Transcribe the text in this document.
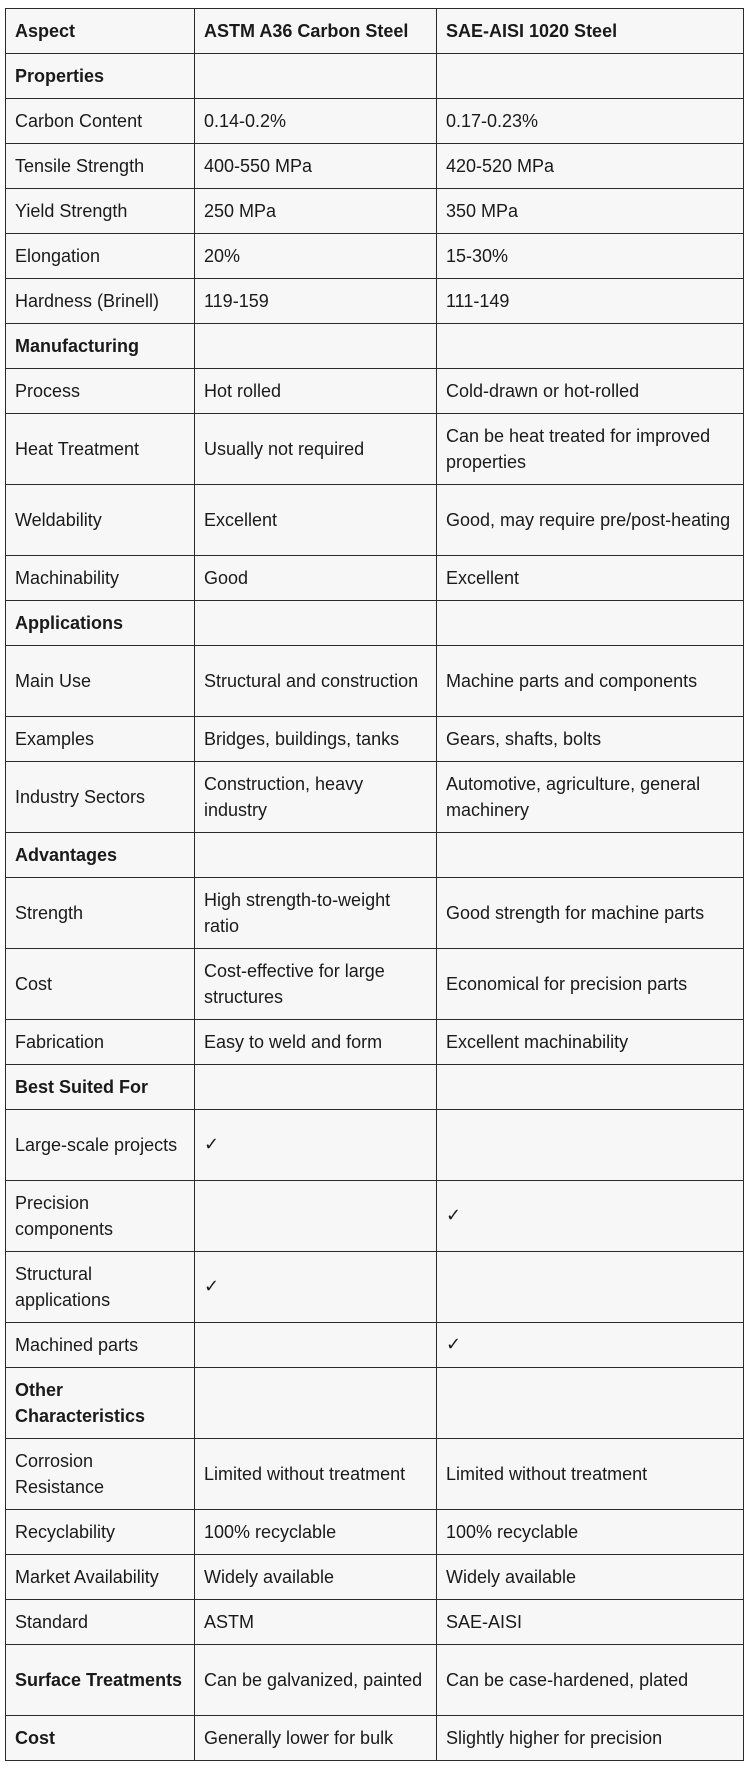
Aspect	ASTM A36 Carbon Steel	SAE-AISI 1020 Steel
Properties		
Carbon Content	0.14-0.2%	0.17-0.23%
Tensile Strength	400-550 MPa	420-520 MPa
Yield Strength	250 MPa	350 MPa
Elongation	20%	15-30%
Hardness (Brinell)	119-159	111-149
Manufacturing		
Process	Hot rolled	Cold-drawn or hot-rolled
Heat Treatment	Usually not required	Can be heat treated for improved properties
Weldability	Excellent	Good, may require pre/post-heating
Machinability	Good	Excellent
Applications		
Main Use	Structural and construction	Machine parts and components
Examples	Bridges, buildings, tanks	Gears, shafts, bolts
Industry Sectors	Construction, heavy industry	Automotive, agriculture, general machinery
Advantages		
Strength	High strength-to-weight ratio	Good strength for machine parts
Cost	Cost-effective for large structures	Economical for precision parts
Fabrication	Easy to weld and form	Excellent machinability
Best Suited For		
Large-scale projects	✓	
Precision components		✓
Structural applications	✓	
Machined parts		✓
Other Characteristics		
Corrosion Resistance	Limited without treatment	Limited without treatment
Recyclability	100% recyclable	100% recyclable
Market Availability	Widely available	Widely available
Standard	ASTM	SAE-AISI
Surface Treatments	Can be galvanized, painted	Can be case-hardened, plated
Cost	Generally lower for bulk	Slightly higher for precision
